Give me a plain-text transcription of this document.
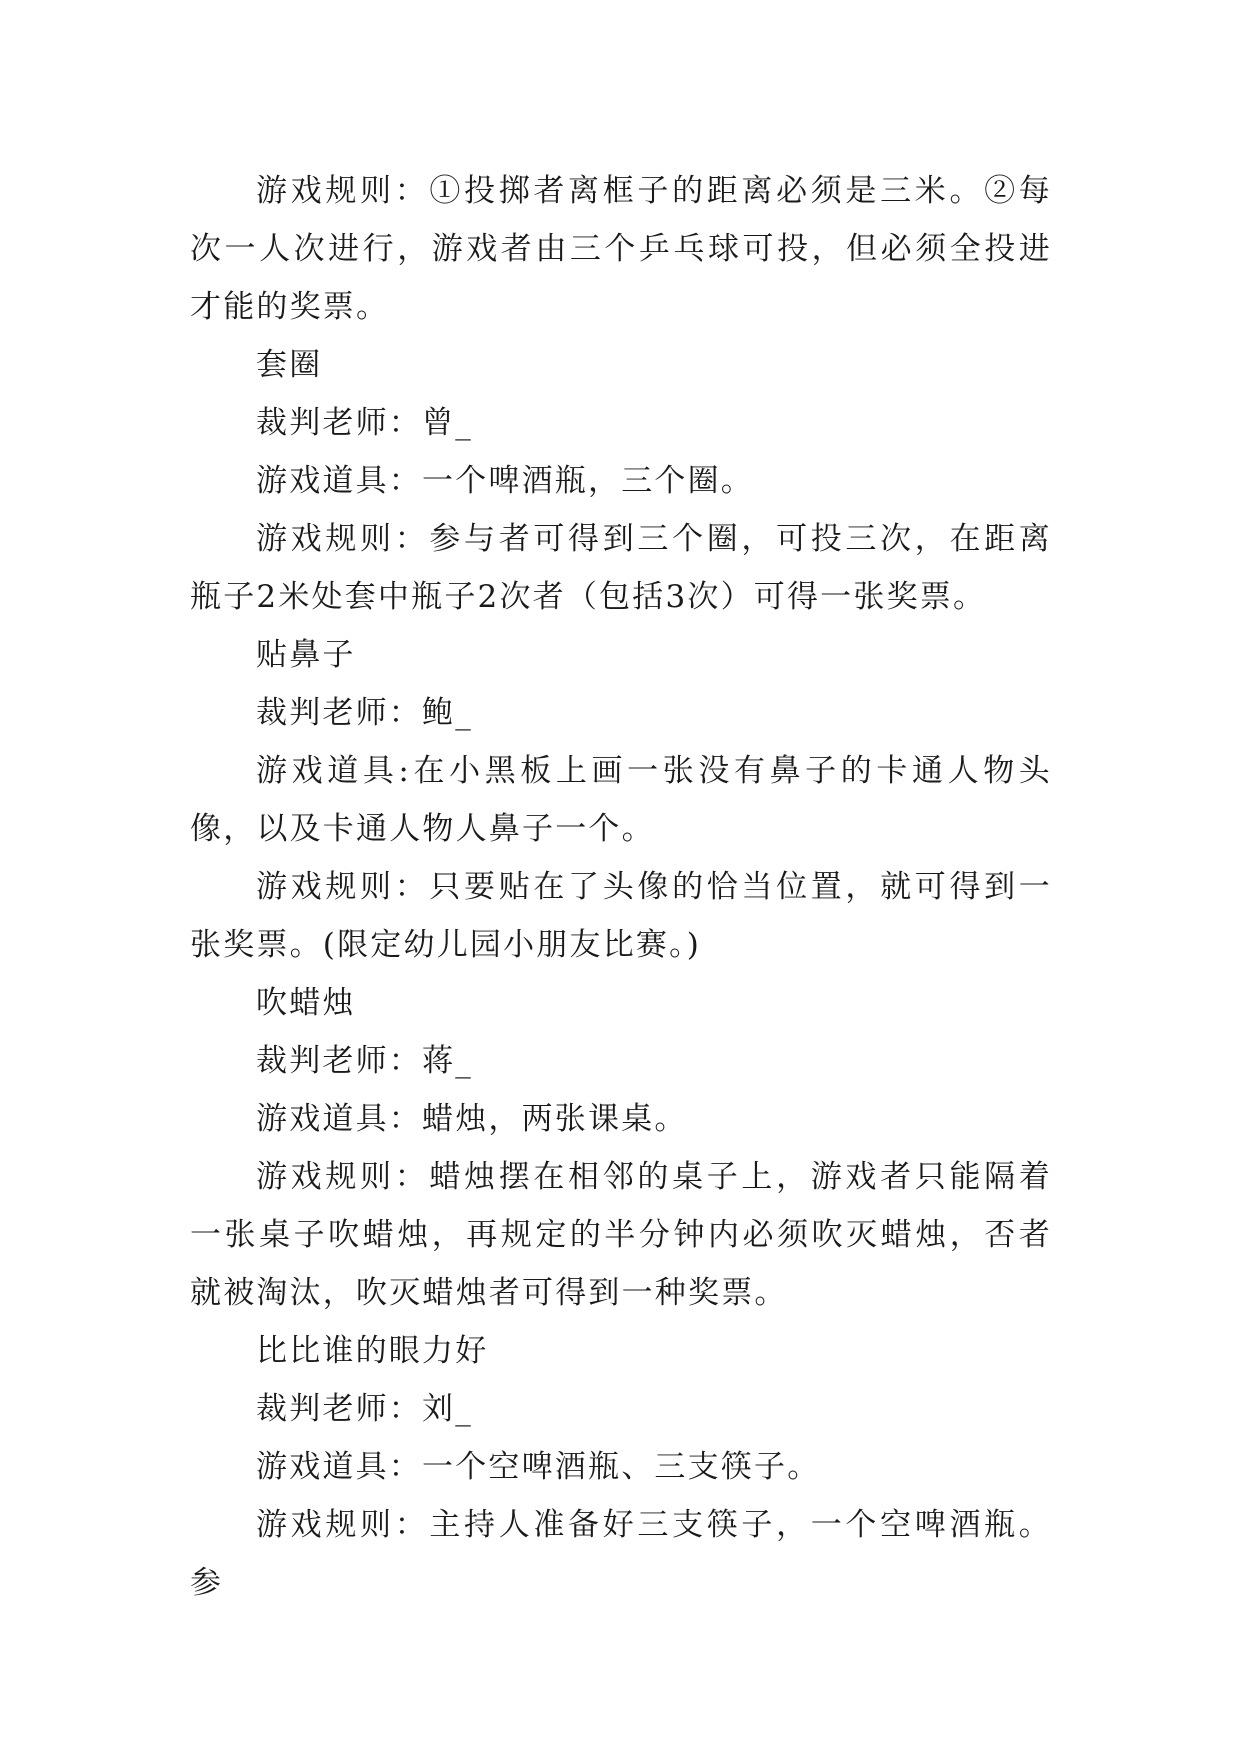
游戏规则：①投掷者离框子的距离必须是三米。②每次一人次进行，游戏者由三个乒乓球可投，但必须全投进才能的奖票。

套圈

裁判老师：曾_

游戏道具：一个啤酒瓶，三个圈。

游戏规则：参与者可得到三个圈，可投三次，在距离瓶子2米处套中瓶子2次者（包括3次）可得一张奖票。

贴鼻子

裁判老师：鲍_

游戏道具:在小黑板上画一张没有鼻子的卡通人物头像，以及卡通人物人鼻子一个。

游戏规则：只要贴在了头像的恰当位置，就可得到一张奖票。(限定幼儿园小朋友比赛。)

吹蜡烛

裁判老师：蒋_

游戏道具：蜡烛，两张课桌。

游戏规则：蜡烛摆在相邻的桌子上，游戏者只能隔着一张桌子吹蜡烛，再规定的半分钟内必须吹灭蜡烛，否者就被淘汰，吹灭蜡烛者可得到一种奖票。

比比谁的眼力好

裁判老师：刘_

游戏道具：一个空啤酒瓶、三支筷子。

游戏规则：主持人准备好三支筷子，一个空啤酒瓶。参
